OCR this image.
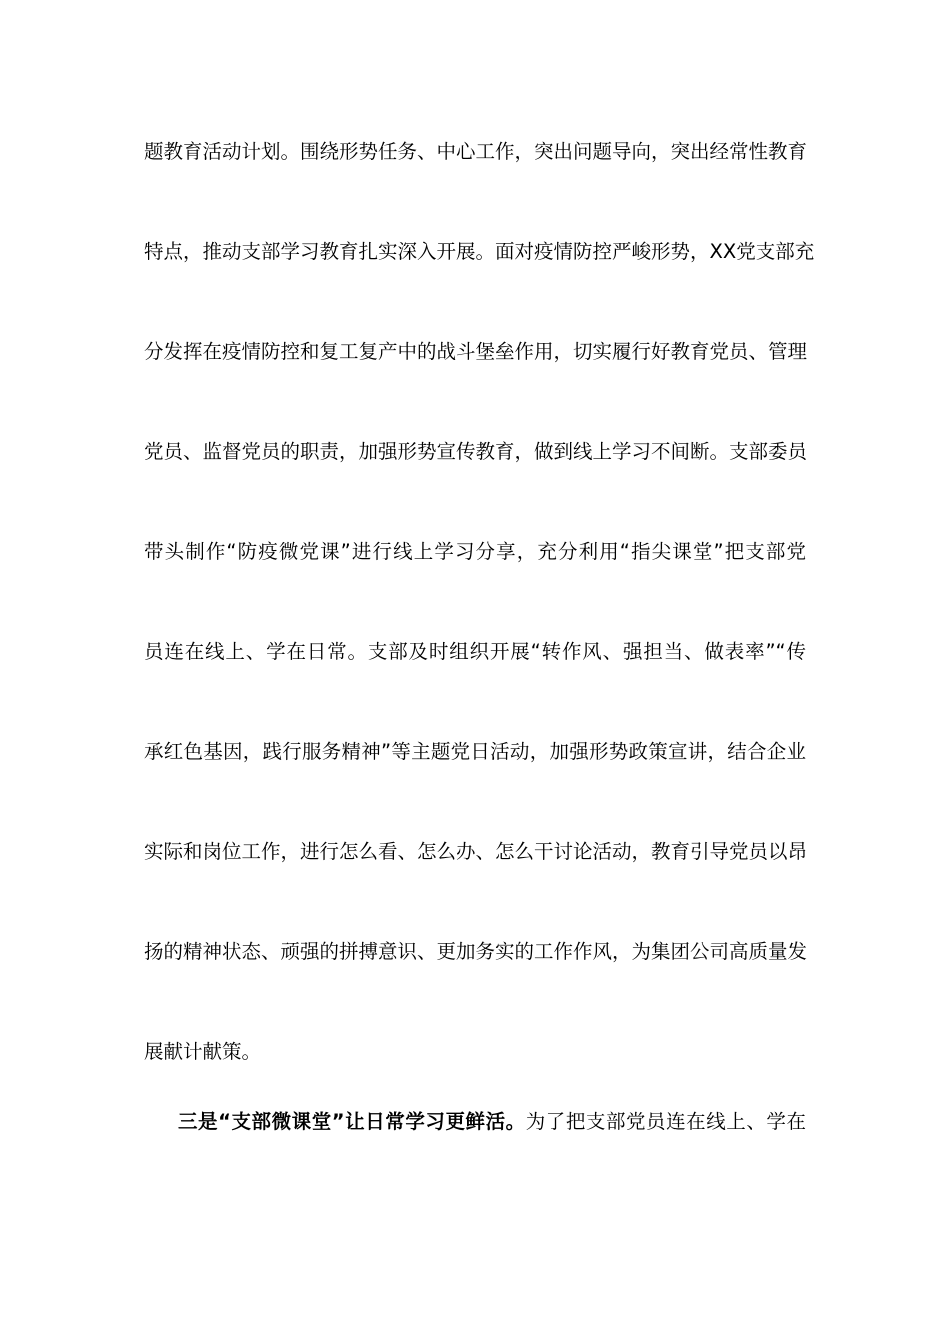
题教育活动计划。围绕形势任务、中心工作，突出问题导向，突出经常性教育
特点，推动支部学习教育扎实深入开展。面对疫情防控严峻形势，XX党支部充
分发挥在疫情防控和复工复产中的战斗堡垒作用，切实履行好教育党员、管理
党员、监督党员的职责，加强形势宣传教育，做到线上学习不间断。支部委员
带头制作“防疫微党课”进行线上学习分享，充分利用“指尖课堂”把支部党
员连在线上、学在日常。支部及时组织开展“转作风、强担当、做表率”“传
承红色基因，践行服务精神”等主题党日活动，加强形势政策宣讲，结合企业
实际和岗位工作，进行怎么看、怎么办、怎么干讨论活动，教育引导党员以昂
扬的精神状态、顽强的拼搏意识、更加务实的工作作风，为集团公司高质量发
展献计献策。
三是“支部微课堂”让日常学习更鲜活。为了把支部党员连在线上、学在
